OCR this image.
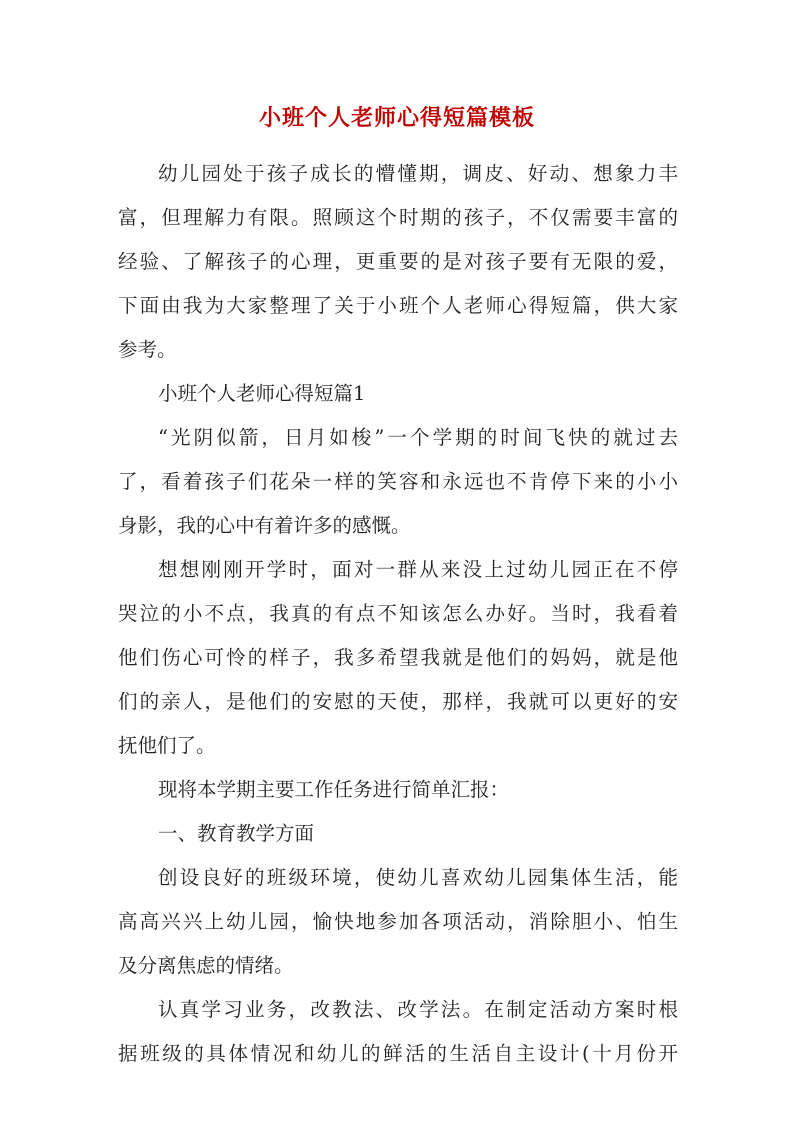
小班个人老师心得短篇模板
幼儿园处于孩子成长的懵懂期，调皮、好动、想象力丰
富，但理解力有限。照顾这个时期的孩子，不仅需要丰富的
经验、了解孩子的心理，更重要的是对孩子要有无限的爱，
下面由我为大家整理了关于小班个人老师心得短篇，供大家
参考。
小班个人老师心得短篇1
“光阴似箭，日月如梭”一个学期的时间飞快的就过去
了，看着孩子们花朵一样的笑容和永远也不肯停下来的小小
身影，我的心中有着许多的感慨。
想想刚刚开学时，面对一群从来没上过幼儿园正在不停
哭泣的小不点，我真的有点不知该怎么办好。当时，我看着
他们伤心可怜的样子，我多希望我就是他们的妈妈，就是他
们的亲人，是他们的安慰的天使，那样，我就可以更好的安
抚他们了。
现将本学期主要工作任务进行简单汇报：
一、教育教学方面
创设良好的班级环境，使幼儿喜欢幼儿园集体生活，能
高高兴兴上幼儿园，愉快地参加各项活动，消除胆小、怕生
及分离焦虑的情绪。
认真学习业务，改教法、改学法。在制定活动方案时根
据班级的具体情况和幼儿的鲜活的生活自主设计(十月份开
